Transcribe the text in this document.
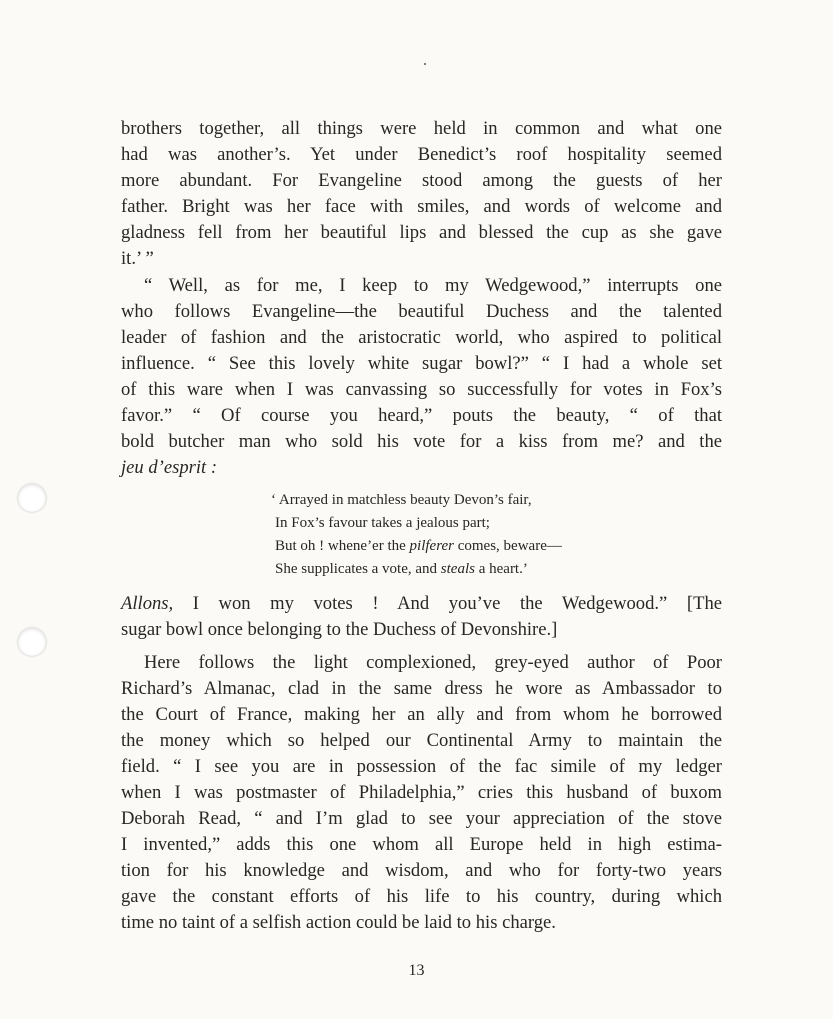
brothers together, all things were held in common and what one
had was another’s. Yet under Benedict’s roof hospitality seemed
more abundant. For Evangeline stood among the guests of her
father. Bright was her face with smiles, and words of welcome and
gladness fell from her beautiful lips and blessed the cup as she gave
it.’ ”
“ Well, as for me, I keep to my Wedgewood,” interrupts one
who follows Evangeline—the beautiful Duchess and the talented
leader of fashion and the aristocratic world, who aspired to political
influence. “ See this lovely white sugar bowl?” “ I had a whole set
of this ware when I was canvassing so successfully for votes in Fox’s
favor.” “ Of course you heard,” pouts the beauty, “ of that
bold butcher man who sold his vote for a kiss from me? and the
jeu d’esprit :
‘ Arrayed in matchless beauty Devon’s fair,
In Fox’s favour takes a jealous part;
But oh ! whene’er the pilferer comes, beware—
She supplicates a vote, and steals a heart.’
Allons, I won my votes ! And you’ve the Wedgewood.” [The
sugar bowl once belonging to the Duchess of Devonshire.]
Here follows the light complexioned, grey-eyed author of Poor
Richard’s Almanac, clad in the same dress he wore as Ambassador to
the Court of France, making her an ally and from whom he borrowed
the money which so helped our Continental Army to maintain the
field. “ I see you are in possession of the fac simile of my ledger
when I was postmaster of Philadelphia,” cries this husband of buxom
Deborah Read, “ and I’m glad to see your appreciation of the stove
I invented,” adds this one whom all Europe held in high estima-
tion for his knowledge and wisdom, and who for forty-two years
gave the constant efforts of his life to his country, during which
time no taint of a selfish action could be laid to his charge.
13
